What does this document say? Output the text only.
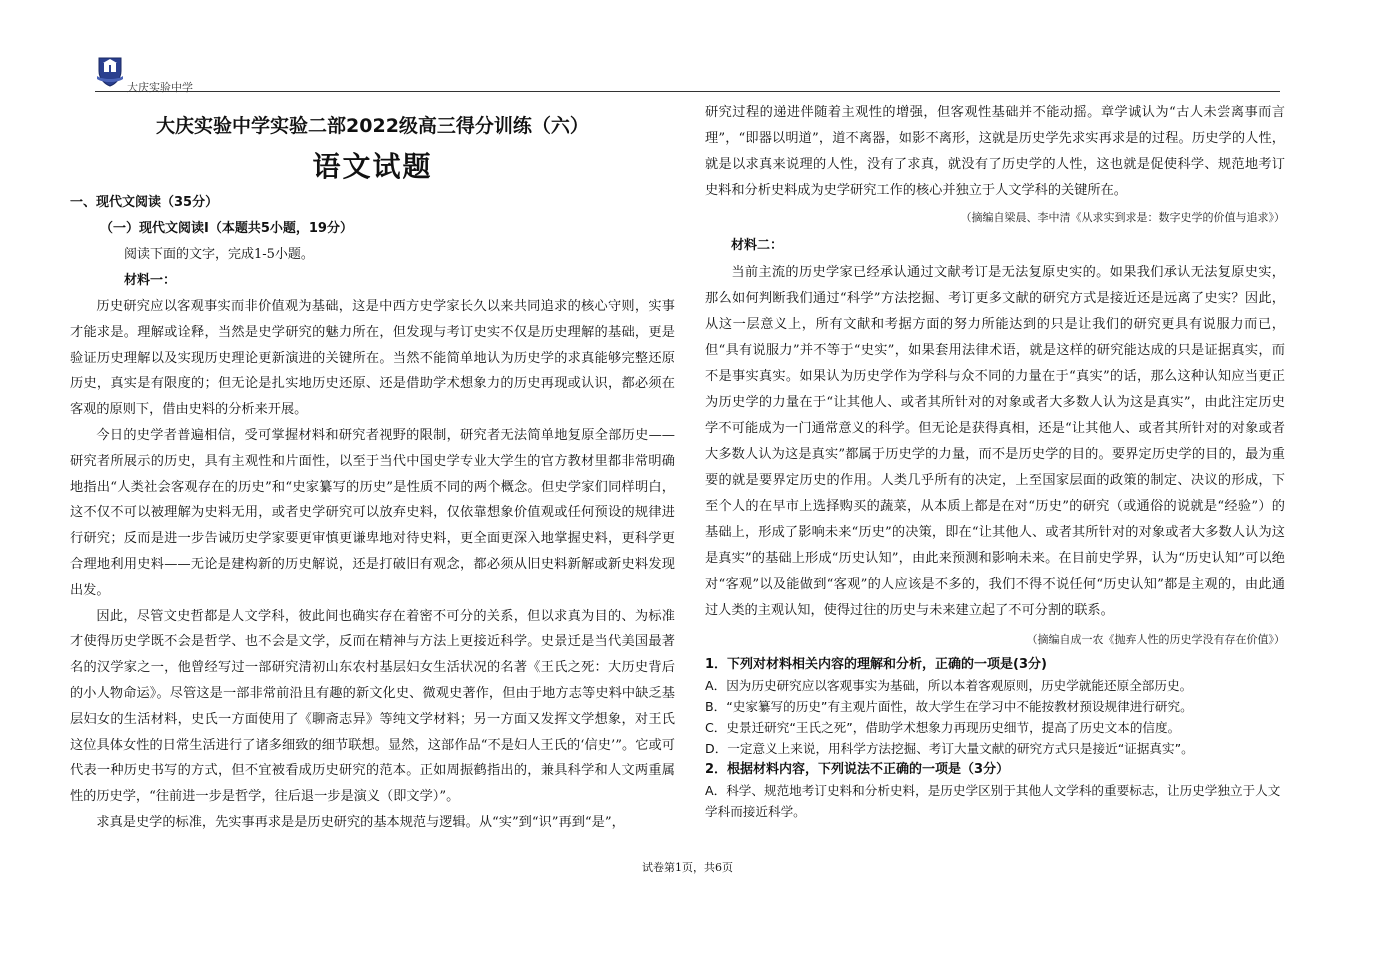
大庆实验中学
大庆实验中学实验二部2022级高三得分训练（六）
语文试题
一、现代文阅读（35分）
（一）现代文阅读Ⅰ（本题共5小题，19分）
阅读下面的文字，完成1-5小题。
材料一：

历史研究应以客观事实而非价值观为基础，这是中西方史学家长久以来共同追求的核心守则，实事才能求是。理解或诠释，当然是史学研究的魅力所在，但发现与考订史实不仅是历史理解的基础，更是验证历史理解以及实现历史理论更新演进的关键所在。当然不能简单地认为历史学的求真能够完整还原历史，真实是有限度的；但无论是扎实地历史还原、还是借助学术想象力的历史再现或认识，都必须在客观的原则下，借由史料的分析来开展。

今日的史学者普遍相信，受可掌握材料和研究者视野的限制，研究者无法简单地复原全部历史——研究者所展示的历史，具有主观性和片面性，以至于当代中国史学专业大学生的官方教材里都非常明确地指出“人类社会客观存在的历史”和“史家纂写的历史”是性质不同的两个概念。但史学家们同样明白，这不仅不可以被理解为史料无用，或者史学研究可以放弃史料，仅依靠想象价值观或任何预设的规律进行研究；反而是进一步告诫历史学家要更审慎更谦卑地对待史料，更全面更深入地掌握史料，更科学更合理地利用史料——无论是建构新的历史解说，还是打破旧有观念，都必须从旧史料新解或新史料发现出发。

因此，尽管文史哲都是人文学科，彼此间也确实存在着密不可分的关系，但以求真为目的、为标准才使得历史学既不会是哲学、也不会是文学，反而在精神与方法上更接近科学。史景迁是当代美国最著名的汉学家之一，他曾经写过一部研究清初山东农村基层妇女生活状况的名著《王氏之死：大历史背后的小人物命运》。尽管这是一部非常前沿且有趣的新文化史、微观史著作，但由于地方志等史料中缺乏基层妇女的生活材料，史氏一方面使用了《聊斋志异》等纯文学材料；另一方面又发挥文学想象，对王氏这位具体女性的日常生活进行了诸多细致的细节联想。显然，这部作品“不是妇人王氏的‘信史’”。它或可代表一种历史书写的方式，但不宜被看成历史研究的范本。正如周振鹤指出的，兼具科学和人文两重属性的历史学，“往前进一步是哲学，往后退一步是演义（即文学）”。

求真是史学的标准，先实事再求是是历史研究的基本规范与逻辑。从“实”到“识”再到“是”，

研究过程的递进伴随着主观性的增强，但客观性基础并不能动摇。章学诚认为“古人未尝离事而言理”，“即器以明道”，道不离器，如影不离形，这就是历史学先求实再求是的过程。历史学的人性，就是以求真来说理的人性，没有了求真，就没有了历史学的人性，这也就是促使科学、规范地考订史料和分析史料成为史学研究工作的核心并独立于人文学科的关键所在。

（摘编自梁晨、李中清《从求实到求是：数字史学的价值与追求》）
材料二：

当前主流的历史学家已经承认通过文献考订是无法复原史实的。如果我们承认无法复原史实，那么如何判断我们通过“科学”方法挖掘、考订更多文献的研究方式是接近还是远离了史实？因此，从这一层意义上，所有文献和考据方面的努力所能达到的只是让我们的研究更具有说服力而已，但“具有说服力”并不等于“史实”，如果套用法律术语，就是这样的研究能达成的只是证据真实，而不是事实真实。如果认为历史学作为学科与众不同的力量在于“真实”的话，那么这种认知应当更正为历史学的力量在于“让其他人、或者其所针对的对象或者大多数人认为这是真实”，由此注定历史学不可能成为一门通常意义的科学。但无论是获得真相，还是“让其他人、或者其所针对的对象或者大多数人认为这是真实”都属于历史学的力量，而不是历史学的目的。要界定历史学的目的，最为重要的就是要界定历史的作用。人类几乎所有的决定，上至国家层面的政策的制定、决议的形成，下至个人的在早市上选择购买的蔬菜，从本质上都是在对“历史”的研究（或通俗的说就是“经验”）的基础上，形成了影响未来“历史”的决策，即在“让其他人、或者其所针对的对象或者大多数人认为这是真实”的基础上形成“历史认知”，由此来预测和影响未来。在目前史学界，认为“历史认知”可以绝对“客观”以及能做到“客观”的人应该是不多的，我们不得不说任何“历史认知”都是主观的，由此通过人类的主观认知，使得过往的历史与未来建立起了不可分割的联系。

（摘编自成一农《抛弃人性的历史学没有存在价值》）
1．下列对材料相关内容的理解和分析，正确的一项是(3分)
A．因为历史研究应以客观事实为基础，所以本着客观原则，历史学就能还原全部历史。
B．“史家纂写的历史”有主观片面性，故大学生在学习中不能按教材预设规律进行研究。
C．史景迁研究“王氏之死”，借助学术想象力再现历史细节，提高了历史文本的信度。
D．一定意义上来说，用科学方法挖掘、考订大量文献的研究方式只是接近“证据真实”。
2．根据材料内容，下列说法不正确的一项是（3分）
A．科学、规范地考订史料和分析史料，是历史学区别于其他人文学科的重要标志，让历史学独立于人文学科而接近科学。
试卷第1页，共6页
